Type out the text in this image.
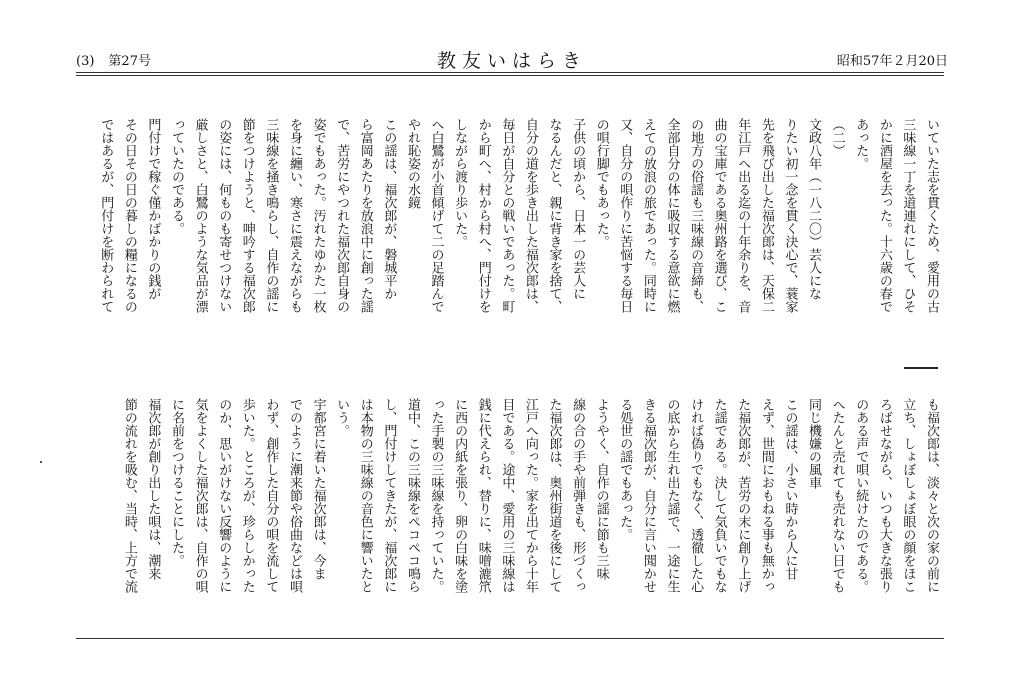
(3) 第27号	教友いはらき	昭和57年２月20日
いていた志を貫くため、愛用の古
三味線一丁を道連れにして、ひそ
かに酒屋を去った。十六歳の春で
あった。
（二）
文政八年（一八二〇）芸人にな
りたい初一念を貫く決心で、蓑家
先を飛び出した福次郎は、天保二
年江戸へ出る迄の十年余りを、音
曲の宝庫である奥州路を選び、こ
の地方の俗謡も三味線の音締も、
全部自分の体に吸収する意欲に燃
えての放浪の旅であった。同時に
又、自分の唄作りに苦悩する毎日
の唄行脚でもあった。
子供の頃から、日本一の芸人に
なるんだと、親に背き家を捨て、
自分の道を歩き出した福次郎は、
毎日が自分との戦いであった。町
から町へ、村から村へ、門付けを
しながら渡り歩いた。
へ白鷺が小首傾げて二の足踏んで
やれ恥姿の水鏡
この謡は、福次郎が、磐城平か
ら富岡あたりを放浪中に創った謡
で、苦労にやつれた福次郎自身の
姿でもあった。汚れたゆかた一枚
を身に纏い、寒さに震えながらも
三味線を掻き鳴らし、自作の謡に
節をつけようと、呻吟する福次郎
の姿には、何ものも寄せつけない
厳しさと、白鷺のような気品が漂
っていたのである。
門付けで稼ぐ僅かばかりの銭が
その日その日の暮しの糧になるの
ではあるが、門付けを断わられて
も福次郎は、淡々と次の家の前に
立ち、しょぼしょぼ眼の顔をほこ
ろばせながら、いつも大きな張り
のある声で唄い続けたのである。
へたんと売れても売れない日でも
同じ機嫌の風車
この謡は、小さい時から人に甘
えず、世間におもねる事も無かっ
た福次郎が、苦労の末に創り上げ
た謡である。決して気負いでもな
ければ偽りでもなく、透徹した心
の底から生れ出た謡で、一途に生
きる福次郎が、自分に言い聞かせ
る処世の謡でもあった。
ようやく、自作の謡に節も三味
線の合の手や前弾きも、形づくっ
た福次郎は、奥州街道を後にして
江戸へ向った。家を出てから十年
目である。途中、愛用の三味線は
銭に代えられ、替りに、味噌漉笊
に西の内紙を張り、卵の白味を塗
った手製の三味線を持っていた。
道中、この三味線をペコペコ鳴ら
し、門付けしてきたが、福次郎に
は本物の三味線の音色に響いたと
いう。
宇都宮に着いた福次郎は、今ま
でのように潮来節や俗曲などは唄
わず、創作した自分の唄を流して
歩いた。ところが、珍らしかった
のか、思いがけない反響のように
気をよくした福次郎は、自作の唄
に名前をつけることにした。
福次郎が創り出した唄は、潮来
節の流れを吸む、当時、上方で流
